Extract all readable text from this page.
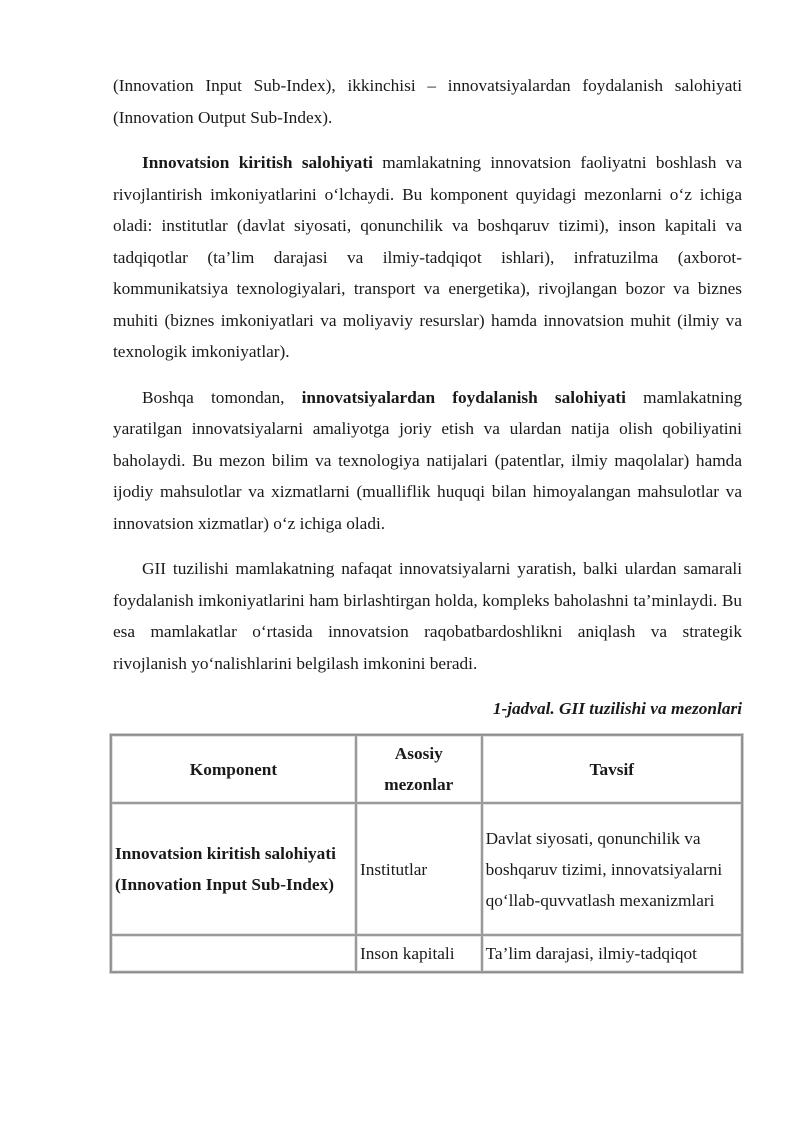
(Innovation Input Sub-Index), ikkinchisi – innovatsiyalardan foydalanish salohiyati (Innovation Output Sub-Index).

Innovatsion kiritish salohiyati mamlakatning innovatsion faoliyatni boshlash va rivojlantirish imkoniyatlarini o‘lchaydi. Bu komponent quyidagi mezonlarni o‘z ichiga oladi: institutlar (davlat siyosati, qonunchilik va boshqaruv tizimi), inson kapitali va tadqiqotlar (ta’lim darajasi va ilmiy-tadqiqot ishlari), infratuzilma (axborot-kommunikatsiya texnologiyalari, transport va energetika), rivojlangan bozor va biznes muhiti (biznes imkoniyatlari va moliyaviy resurslar) hamda innovatsion muhit (ilmiy va texnologik imkoniyatlar).

Boshqa tomondan, innovatsiyalardan foydalanish salohiyati mamlakatning yaratilgan innovatsiyalarni amaliyotga joriy etish va ulardan natija olish qobiliyatini baholaydi. Bu mezon bilim va texnologiya natijalari (patentlar, ilmiy maqolalar) hamda ijodiy mahsulotlar va xizmatlarni (mualliflik huquqi bilan himoyalangan mahsulotlar va innovatsion xizmatlar) o‘z ichiga oladi.

GII tuzilishi mamlakatning nafaqat innovatsiyalarni yaratish, balki ulardan samarali foydalanish imkoniyatlarini ham birlashtirgan holda, kompleks baholashni ta’minlaydi. Bu esa mamlakatlar o‘rtasida innovatsion raqobatbardoshlikni aniqlash va strategik rivojlanish yo‘nalishlarini belgilash imkonini beradi.

1-jadval. GII tuzilishi va mezonlari
Komponent	Asosiy mezonlar	Tavsif
Innovatsion kiritish salohiyati (Innovation Input Sub-Index)	Institutlar	Davlat siyosati, qonunchilik va boshqaruv tizimi, innovatsiyalarni qo‘llab-quvvatlash mexanizmlari
	Inson kapitali	Ta’lim darajasi, ilmiy-tadqiqot
